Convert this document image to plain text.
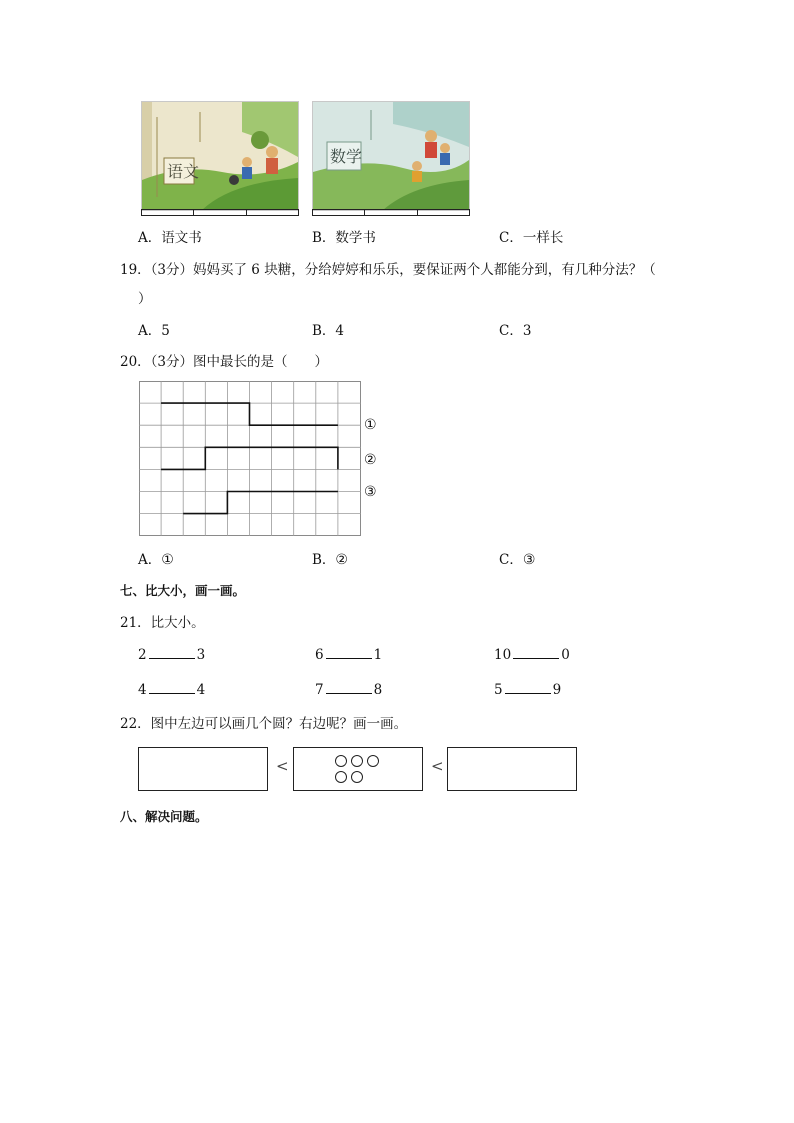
语文
数学
A．语文书	B．数学书	C．一样长
19．（3分）妈妈买了 6 块糖，分给婷婷和乐乐，要保证两个人都能分到，有几种分法？（
）
A．5	B．4	C．3
20．（3分）图中最长的是（　　）
①
②
③
A．①	B．②	C．③
七、比大小，画一画。
21．比大小。
2	3	6	1	10	0
4	4	7	8	5	9
22．图中左边可以画几个圆？右边呢？画一画。
<	<
八、解决问题。
